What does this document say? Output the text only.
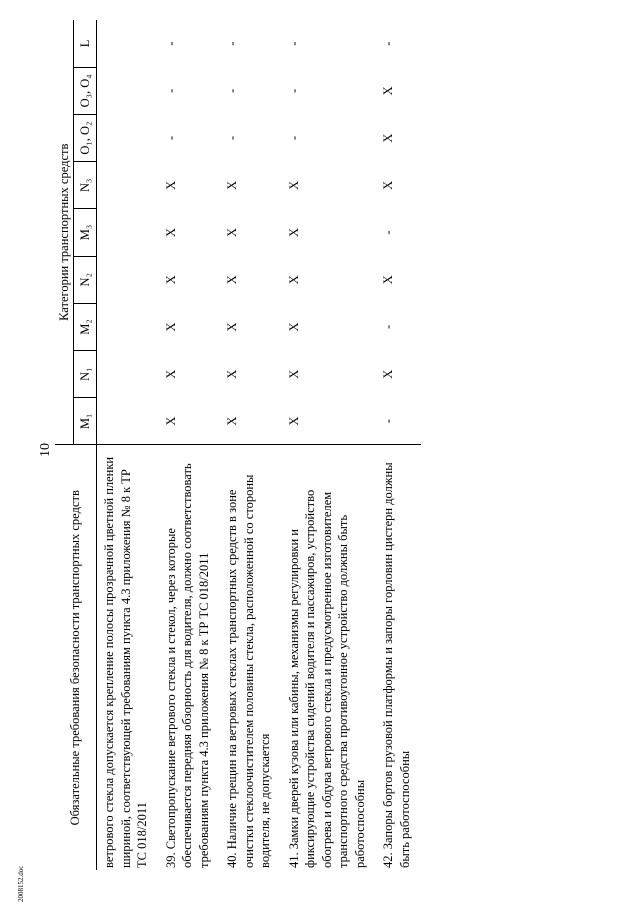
10
2008152.doc
Обязательные требования безопасности транспортных средств	Категории транспортных средств								
	M₁	N₁	M₂	N₂	M₃	N₃	O₁, O₂	O₃, O₄	L
ветрового стекла допускается крепление полосы прозрачной цветной пленки шириной, соответствующей требованиям пункта 4.3 приложения № 8 к ТР ТС 018/2011									
39. Светопропускание ветрового стекла и стекол, через которые обеспечивается передняя обзорность для водителя, должно соответствовать требованиям пункта 4.3 приложения № 8 к ТР ТС 018/2011	X	X	X	X	X	X	-	-	-
40. Наличие трещин на ветровых стеклах транспортных средств в зоне очистки стеклоочистителем половины стекла, расположенной со стороны водителя, не допускается	X	X	X	X	X	X	-	-	-
41. Замки дверей кузова или кабины, механизмы регулировки и фиксирующие устройства сидений водителя и пассажиров, устройство обогрева и обдува ветрового стекла и предусмотренное изготовителем транспортного средства противоугонное устройство должны быть работоспособны	X	X	X	X	X	X	-	-	-
42. Запоры бортов грузовой платформы и запоры горловин цистерн должны быть работоспособны	-	X	-	X	-	X	X	X	-
